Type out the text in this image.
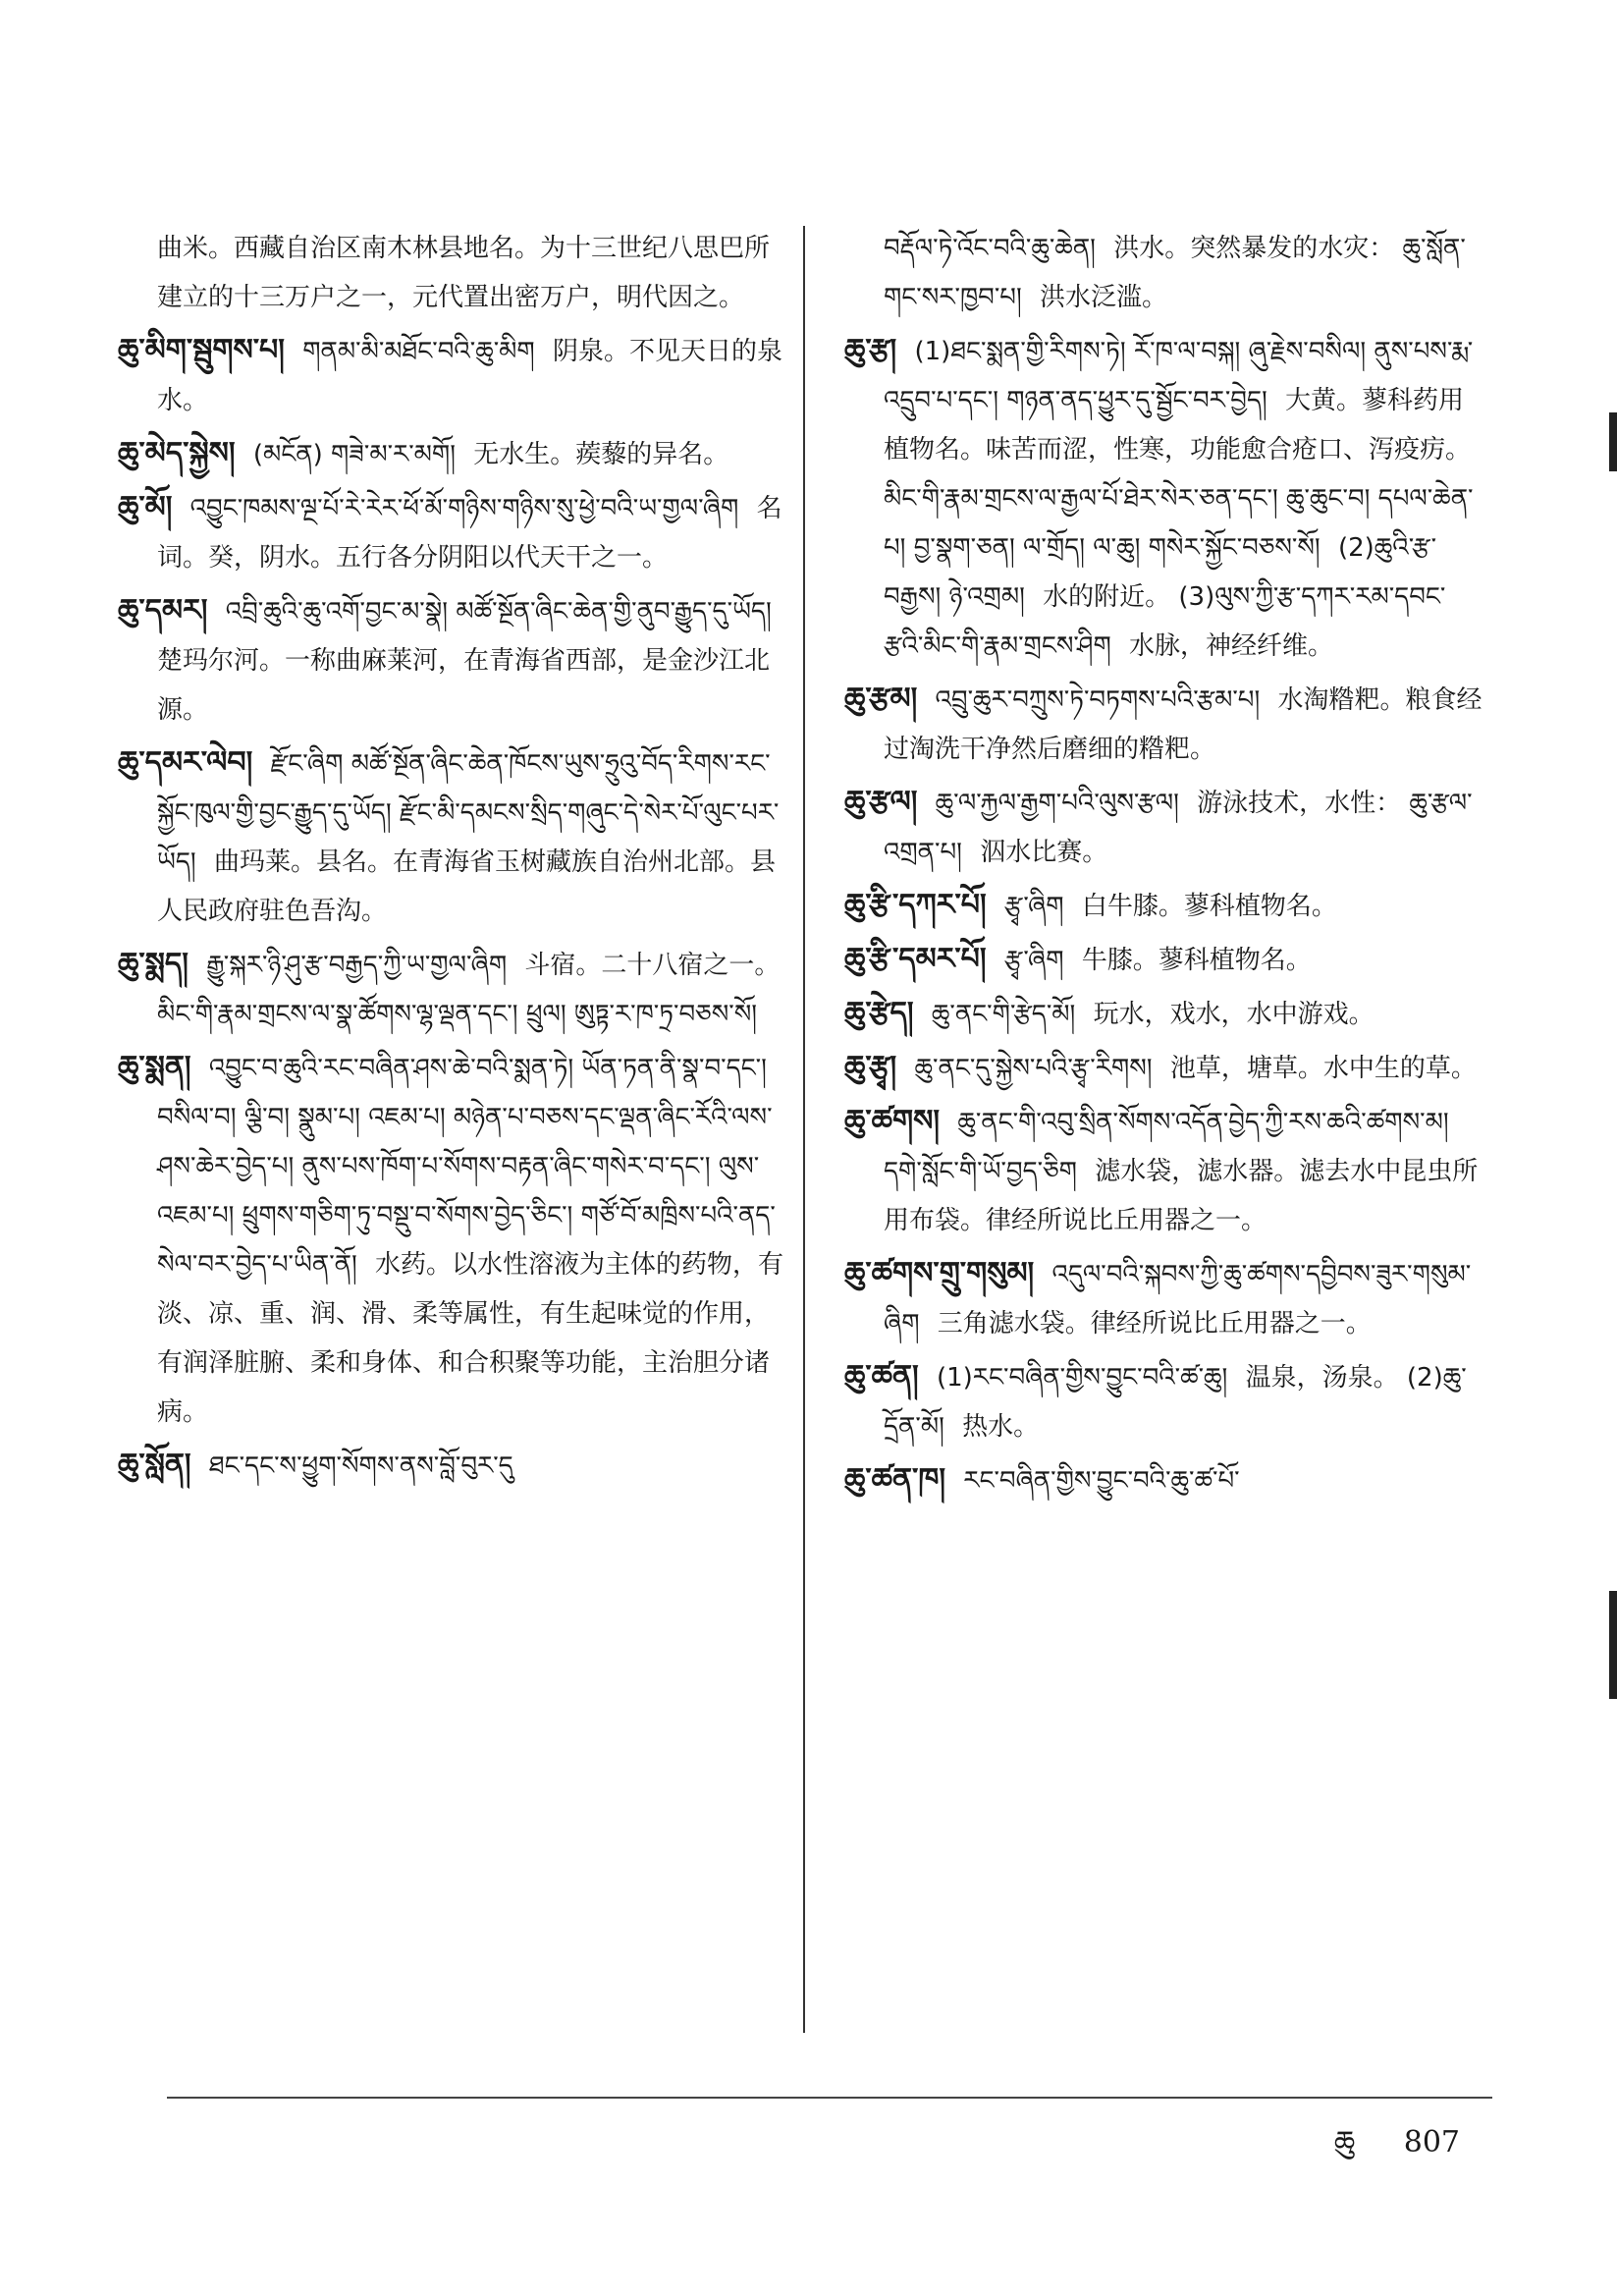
曲米。西藏自治区南木林县地名。为十三世纪八思巴所建立的十三万户之一，元代置出密万户，明代因之。
ཆུ་མིག་སྦུགས་པ། གནམ་མི་མཐོང་བའི་ཆུ་མིག 阴泉。不见天日的泉水。
ཆུ་མེད་སྐྱེས། (མངོན) གཟེ་མ་ར་མགོ། 无水生。蒺藜的异名。
ཆུ་མོ། འབྱུང་ཁམས་ལྔ་པོ་རེ་རེར་ཕོ་མོ་གཉིས་གཉིས་སུ་ཕྱེ་བའི་ཡ་གྱལ་ཞིག 名词。癸，阴水。五行各分阴阳以代天干之一。
ཆུ་དམར། འབྲི་ཆུའི་ཆུ་འགོ་བྱང་མ་སྣེ། མཚོ་སྔོན་ཞིང་ཆེན་གྱི་ནུབ་རྒྱུད་དུ་ཡོད། 楚玛尔河。一称曲麻莱河，在青海省西部，是金沙江北源。
ཆུ་དམར་ལེབ། རྫོང་ཞིག མཚོ་སྔོན་ཞིང་ཆེན་ཁོངས་ཡུས་ཧྲུའུ་བོད་རིགས་རང་སྐྱོང་ཁུལ་གྱི་བྱང་རྒྱུད་དུ་ཡོད། རྫོང་མི་དམངས་སྲིད་གཞུང་དེ་སེར་པོ་ལུང་པར་ཡོད། 曲玛莱。县名。在青海省玉树藏族自治州北部。县人民政府驻色吾沟。
ཆུ་སྨད། རྒྱུ་སྐར་ཉི་ཤུ་རྩ་བརྒྱད་ཀྱི་ཡ་གྱལ་ཞིག 斗宿。二十八宿之一。 མིང་གི་རྣམ་གྲངས་ལ་སྣ་ཚོགས་ལྷ་ལྡན་དང་། ཕྲུལ། ཨུཏྟ་ར་ཁ་ཏྲ་བཅས་སོ།
ཆུ་སྨན། འབྱུང་བ་ཆུའི་རང་བཞིན་ཤས་ཆེ་བའི་སྨན་ཏེ། ཡོན་ཏན་ནི་སྣ་བ་དང་། བསིལ་བ། ལྕི་བ། སྣུམ་པ། འཇམ་པ། མཉེན་པ་བཅས་དང་ལྡན་ཞིང་རོའི་ལས་ཤས་ཆེར་བྱེད་པ། ནུས་པས་ཁོག་པ་སོགས་བརྟན་ཞིང་གསེར་བ་དང་། ལུས་འཇམ་པ། ཕྲུགས་གཅིག་ཏུ་བསྡུ་བ་སོགས་བྱེད་ཅིང་། གཙོ་བོ་མཁྲིས་པའི་ནད་སེལ་བར་བྱེད་པ་ཡིན་ནོ། 水药。以水性溶液为主体的药物，有淡、凉、重、润、滑、柔等属性，有生起味觉的作用，有润泽脏腑、柔和身体、和合积聚等功能，主治胆分诸病。
ཆུ་སློན། ཐང་དང་ས་ཕྱུག་སོགས་ནས་བློ་བུར་དུ
བརྡོལ་ཏེ་འོང་བའི་ཆུ་ཆེན། 洪水。突然暴发的水灾： ཆུ་སློན་གང་སར་ཁྱབ་པ། 洪水泛滥。
ཆུ་རྩ། (1)ཐང་སྨན་གྱི་རིགས་ཏེ། རོ་ཁ་ལ་བསྐ། ཞུ་རྗེས་བསིལ། ནུས་པས་རྨ་འདྲུབ་པ་དང་། གཉན་ནད་ཕྱུར་དུ་སྦྱོང་བར་བྱེད། 大黄。蓼科药用植物名。味苦而涩，性寒，功能愈合疮口、泻疫疠。 མིང་གི་རྣམ་གྲངས་ལ་རྒྱལ་པོ་ཐེར་སེར་ཅན་དང་། ཆུ་ཆུང་བ། དཔལ་ཆེན་པ། བྱ་སྣག་ཅན། ལ་གྲོད། ལ་ཆུ། གསེར་སྐྱོང་བཅས་སོ། (2)ཆུའི་རྩ་བརྒྱས། ཉེ་འགྲམ། 水的附近。 (3)ལུས་ཀྱི་རྩ་དཀར་རམ་དབང་རྩའི་མིང་གི་རྣམ་གྲངས་ཤིག 水脉，神经纤维。
ཆུ་རྩམ། འབྲུ་ཆུར་བཀྲུས་ཏེ་བཏགས་པའི་རྩམ་པ། 水淘糌粑。粮食经过淘洗干净然后磨细的糌粑。
ཆུ་རྩལ། ཆུ་ལ་རྐྱལ་རྒྱག་པའི་ལུས་རྩལ། 游泳技术，水性： ཆུ་རྩལ་འགྲན་པ། 泅水比赛。
ཆུ་རྩི་དཀར་པོ། རྩྭ་ཞིག 白牛膝。蓼科植物名。
ཆུ་རྩི་དམར་པོ། རྩྭ་ཞིག 牛膝。蓼科植物名。
ཆུ་རྩེད། ཆུ་ནང་གི་རྩེད་མོ། 玩水，戏水，水中游戏。
ཆུ་རྩྭ། ཆུ་ནང་དུ་སྐྱེས་པའི་རྩྭ་རིགས། 池草，塘草。水中生的草。
ཆུ་ཚགས། ཆུ་ནང་གི་འབུ་སྲིན་སོགས་འདོན་བྱེད་ཀྱི་རས་ཆའི་ཚགས་མ། དགེ་སློང་གི་ཡོ་བྱད་ཅིག 滤水袋，滤水器。滤去水中昆虫所用布袋。律经所说比丘用器之一。
ཆུ་ཚགས་གྲུ་གསུམ། འདུལ་བའི་སྐབས་ཀྱི་ཆུ་ཚགས་དབྱིབས་ཟུར་གསུམ་ཞིག 三角滤水袋。律经所说比丘用器之一。
ཆུ་ཚན། (1)རང་བཞིན་གྱིས་བྱུང་བའི་ཚ་ཆུ། 温泉，汤泉。 (2)ཆུ་དྲོན་མོ། 热水。
ཆུ་ཚན་ཁ། རང་བཞིན་གྱིས་བྱུང་བའི་ཆུ་ཚ་པོ་
ཆུ 807
